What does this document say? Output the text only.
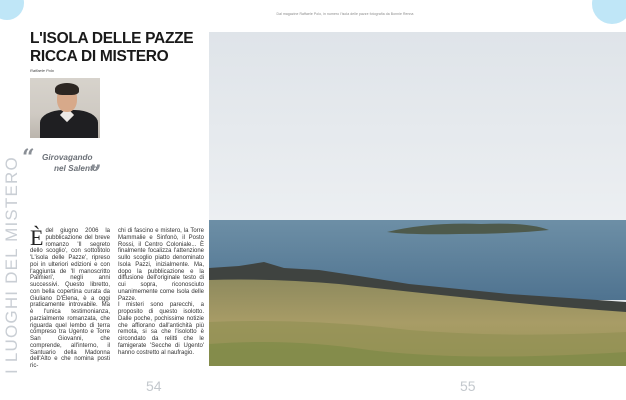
Dal magazine Raffaele Polo, in numero l'isola delle pazze fotografia da Bonnie Renna
I LUOGHI DEL MISTERO
L'ISOLA DELLE PAZZE RICCA DI MISTERO
Raffaele Polo
“ Girovagando
nel Salento
”
Èdel giugno 2006 la pubblicazione del breve romanzo 'Il segreto dello scoglio', con sottotitolo 'L'isola delle Pazze', ripreso poi in ulteriori edizioni e con l'aggiunta de 'Il manoscritto Palmieri', negli anni successivi. Questo libretto, con bella copertina curata da Giuliano D'Elena, è a oggi praticamente introvabile. Ma è l'unica testimonianza, parzialmente romanzata, che riguarda quel lembo di terra compreso tra Ugento e Torre San Giovanni, che comprende, all'interno, il Santuario della Madonna dell'Alto e che nomina posti ric-

chi di fascino e mistero, la Torre Mammalie e Sinfonò, il Posto Rossi, il Centro Coloniale... È finalmente focalizza l'attenzione sullo scoglio piatto denominato Isola Pazzi, inizialmente. Ma, dopo la pubblicazione e la diffusione dell'originale testo di cui sopra, riconosciuto unanimemente come Isola delle Pazze.

I misteri sono parecchi, a proposito di questo isolotto. Dalle poche, pochissime notizie che affiorano dall'antichità più remota, si sa che l'isolotto è circondato da relitti che le famigerate 'Secche di Ugento' hanno costretto al naufragio.

54	55
